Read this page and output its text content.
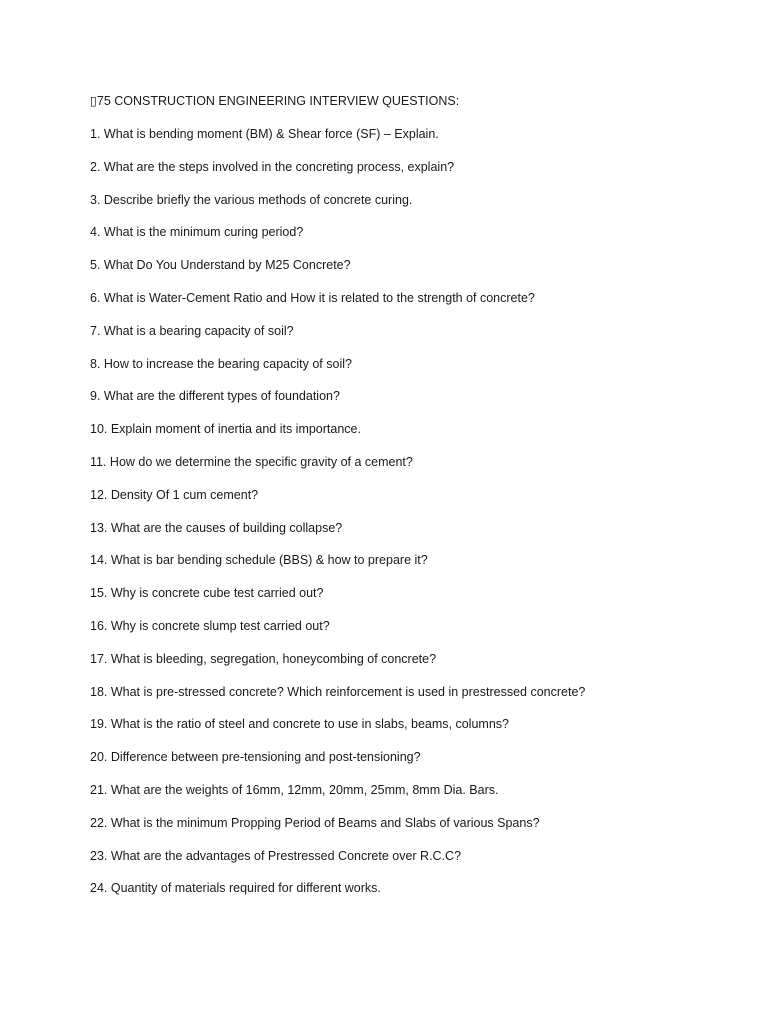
▯75 CONSTRUCTION ENGINEERING INTERVIEW QUESTIONS:
1. What is bending moment (BM) & Shear force (SF) – Explain.
2. What are the steps involved in the concreting process, explain?
3. Describe briefly the various methods of concrete curing.
4. What is the minimum curing period?
5. What Do You Understand by M25 Concrete?
6. What is Water-Cement Ratio and How it is related to the strength of concrete?
7. What is a bearing capacity of soil?
8. How to increase the bearing capacity of soil?
9. What are the different types of foundation?
10. Explain moment of inertia and its importance.
11. How do we determine the specific gravity of a cement?
12. Density Of 1 cum cement?
13. What are the causes of building collapse?
14. What is bar bending schedule (BBS) & how to prepare it?
15. Why is concrete cube test carried out?
16. Why is concrete slump test carried out?
17. What is bleeding, segregation, honeycombing of concrete?
18. What is pre-stressed concrete? Which reinforcement is used in prestressed concrete?
19. What is the ratio of steel and concrete to use in slabs, beams, columns?
20. Difference between pre-tensioning and post-tensioning?
21. What are the weights of 16mm, 12mm, 20mm, 25mm, 8mm Dia. Bars.
22. What is the minimum Propping Period of Beams and Slabs of various Spans?
23. What are the advantages of Prestressed Concrete over R.C.C?
24. Quantity of materials required for different works.
